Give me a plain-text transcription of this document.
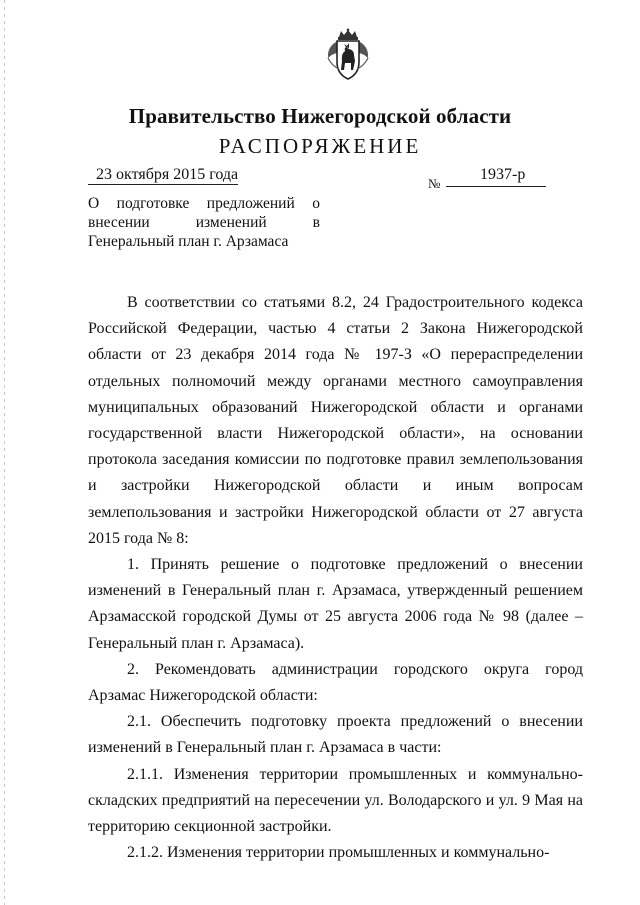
Правительство Нижегородской области
РАСПОРЯЖЕНИЕ
23 октября 2015 года
№
1937-р
О подготовке предложений о
внесении изменений в
Генеральный план г. Арзамаса

В соответствии со статьями 8.2, 24 Градостроительного кодекса Российской Федерации, частью 4 статьи 2 Закона Нижегородской области от 23 декабря 2014 года № 197-З «О перераспределении отдельных полномочий между органами местного самоуправления муниципальных образований Нижегородской области и органами государственной власти Нижегородской области», на основании протокола заседания комиссии по подготовке правил землепользования и застройки Нижегородской области и иным вопросам землепользования и застройки Нижегородской области от 27 августа 2015 года № 8:

1. Принять решение о подготовке предложений о внесении изменений в Генеральный план г. Арзамаса, утвержденный решением Арзамасской городской Думы от 25 августа 2006 года № 98 (далее – Генеральный план г. Арзамаса).

2. Рекомендовать администрации городского округа город Арзамас Нижегородской области:

2.1. Обеспечить подготовку проекта предложений о внесении изменений в Генеральный план г. Арзамаса в части:

2.1.1. Изменения территории промышленных и коммунально-складских предприятий на пересечении ул. Володарского и ул. 9 Мая на территорию секционной застройки.

2.1.2. Изменения территории промышленных и коммунально-
